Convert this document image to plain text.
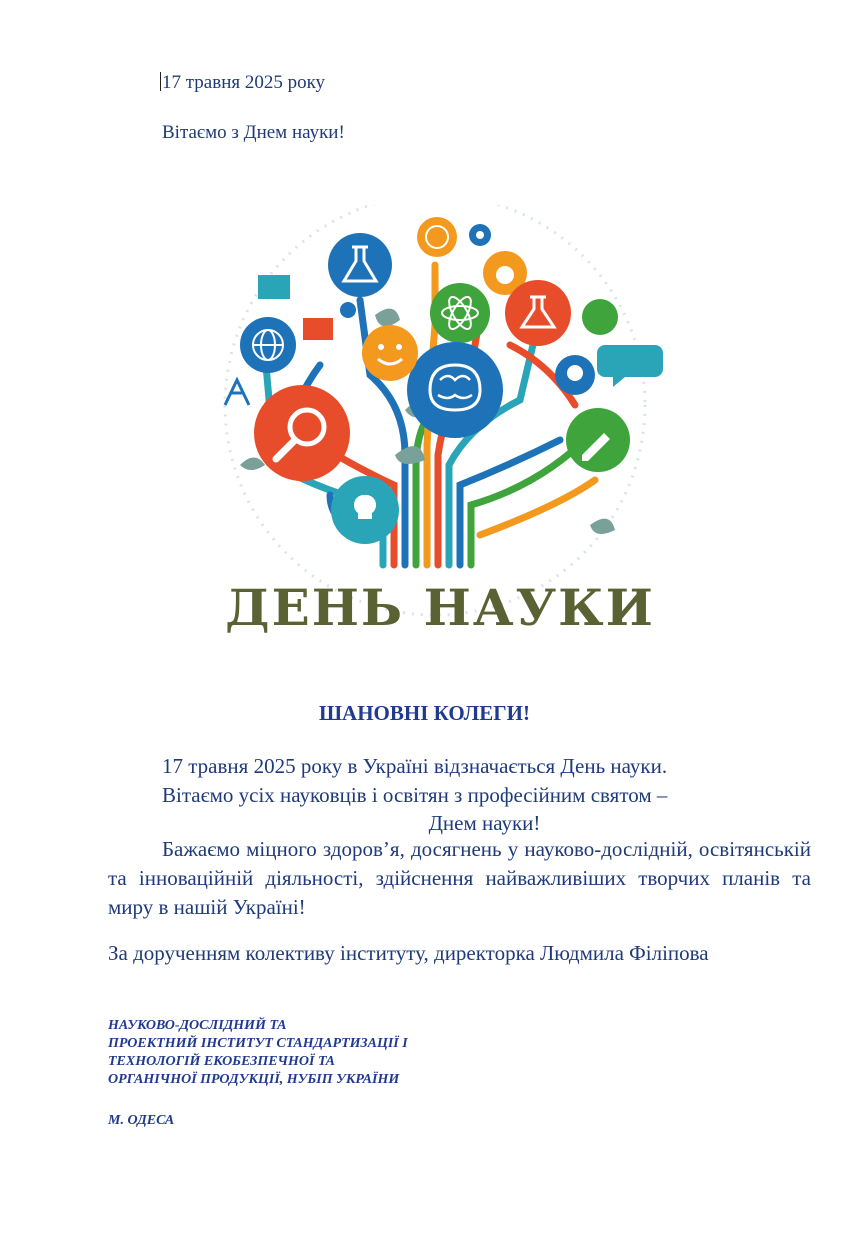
17 травня 2025 року
Вітаємо з Днем науки!
ДЕНЬ НАУКИ
ШАНОВНІ КОЛЕГИ!
17 травня 2025 року в Україні відзначається День науки.
Вітаємо усіх науковців і освітян з професійним святом –
Днем науки!
Бажаємо міцного здоров’я, досягнень у науково-дослідній, освітянській та інноваційній діяльності, здійснення найважливіших творчих планів та миру в нашій Україні!
За дорученням колективу інституту, директорка Людмила Філіпова
НАУКОВО-ДОСЛІДНИЙ ТА
ПРОЕКТНИЙ ІНСТИТУТ СТАНДАРТИЗАЦІЇ І
ТЕХНОЛОГІЙ ЕКОБЕЗПЕЧНОЇ ТА
ОРГАНІЧНОЇ ПРОДУКЦІЇ, НУБІП УКРАЇНИ
М. ОДЕСА
